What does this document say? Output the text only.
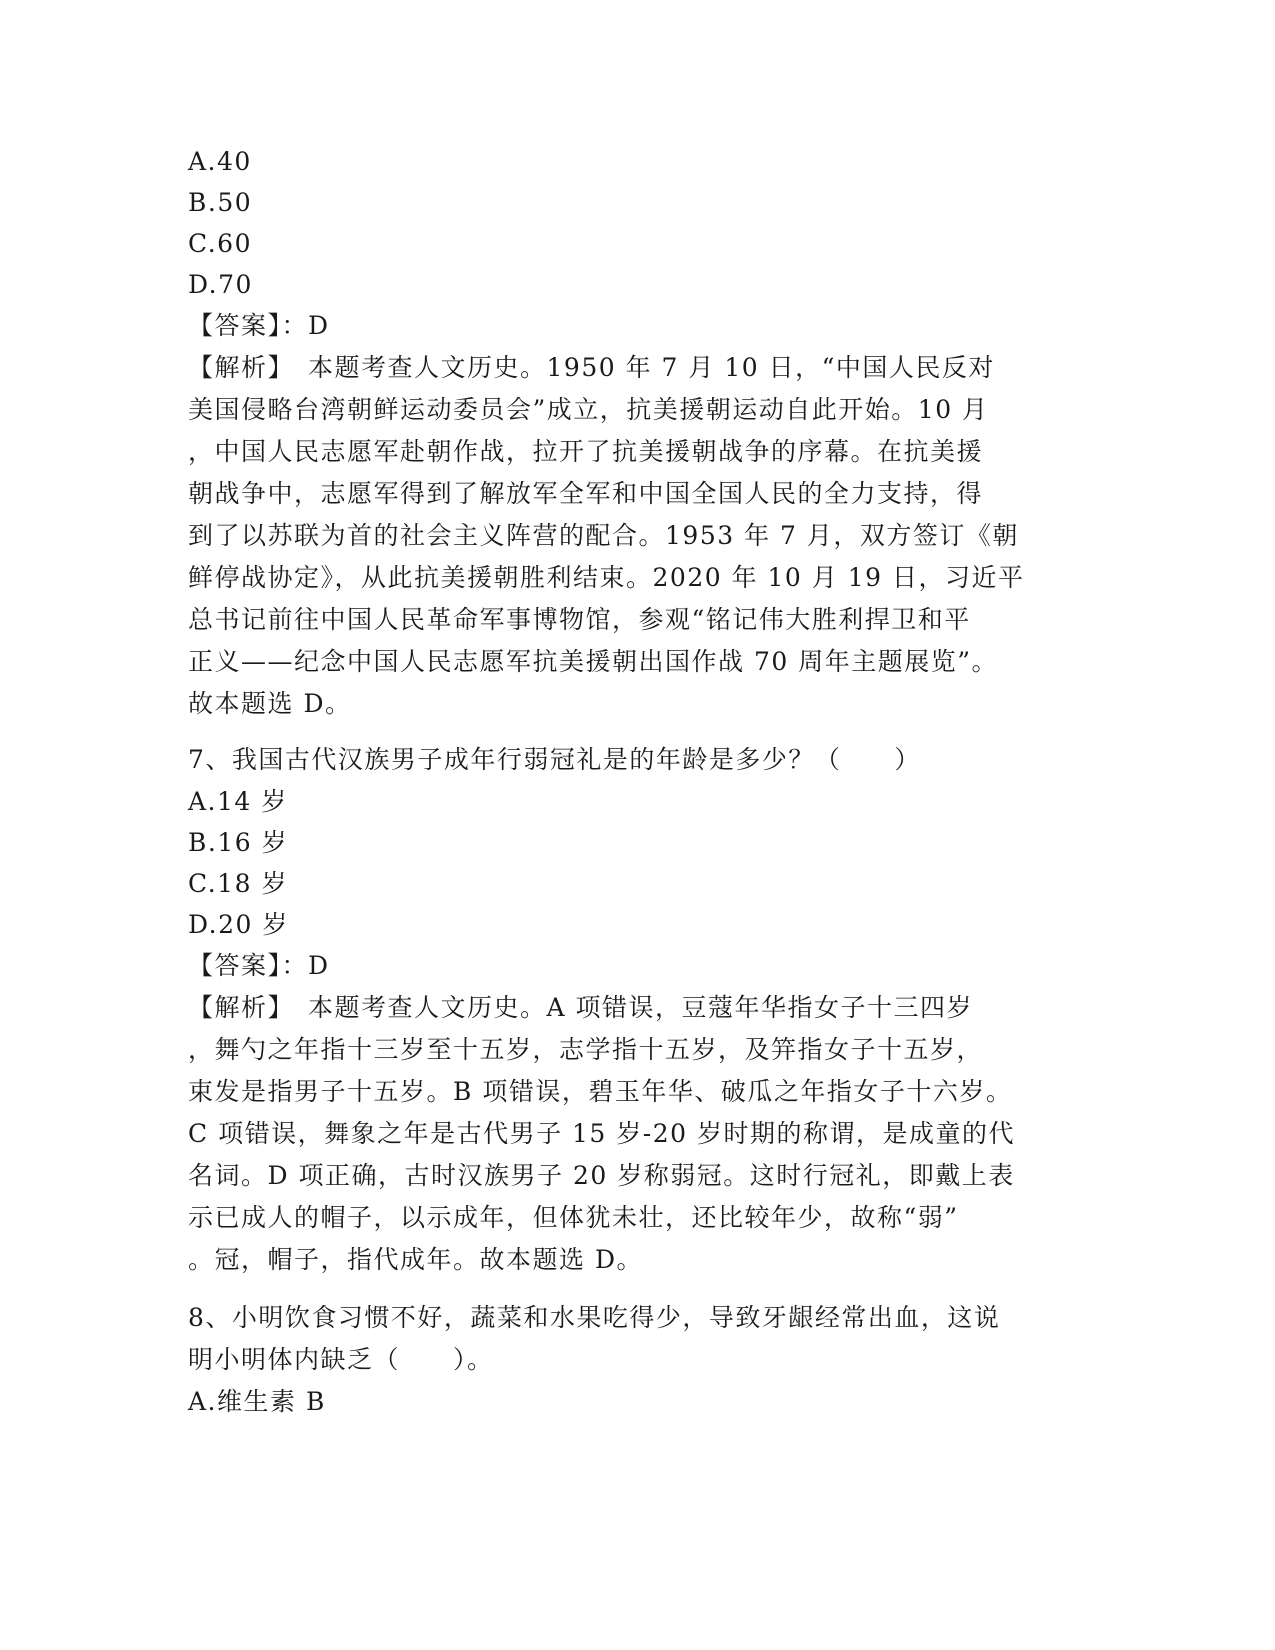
A.40
B.50
C.60
D.70
【答案】：D
【解析】　本题考查人文历史。1950 年 7 月 10 日，“中国人民反对
美国侵略台湾朝鲜运动委员会”成立，抗美援朝运动自此开始。10 月
，中国人民志愿军赴朝作战，拉开了抗美援朝战争的序幕。在抗美援
朝战争中，志愿军得到了解放军全军和中国全国人民的全力支持，得
到了以苏联为首的社会主义阵营的配合。1953 年 7 月，双方签订《朝
鲜停战协定》，从此抗美援朝胜利结束。2020 年 10 月 19 日，习近平
总书记前往中国人民革命军事博物馆，参观“铭记伟大胜利捍卫和平
正义——纪念中国人民志愿军抗美援朝出国作战 70 周年主题展览”。
故本题选 D。
7、我国古代汉族男子成年行弱冠礼是的年龄是多少？（　　）
A.14 岁
B.16 岁
C.18 岁
D.20 岁
【答案】：D
【解析】　本题考查人文历史。A 项错误，豆蔻年华指女子十三四岁
，舞勺之年指十三岁至十五岁，志学指十五岁，及笄指女子十五岁，
束发是指男子十五岁。B 项错误，碧玉年华、破瓜之年指女子十六岁。
C 项错误，舞象之年是古代男子 15 岁-20 岁时期的称谓，是成童的代
名词。D 项正确，古时汉族男子 20 岁称弱冠。这时行冠礼，即戴上表
示已成人的帽子，以示成年，但体犹未壮，还比较年少，故称“弱”
。冠，帽子，指代成年。故本题选 D。
8、小明饮食习惯不好，蔬菜和水果吃得少，导致牙龈经常出血，这说
明小明体内缺乏（　　）。
A.维生素 B
